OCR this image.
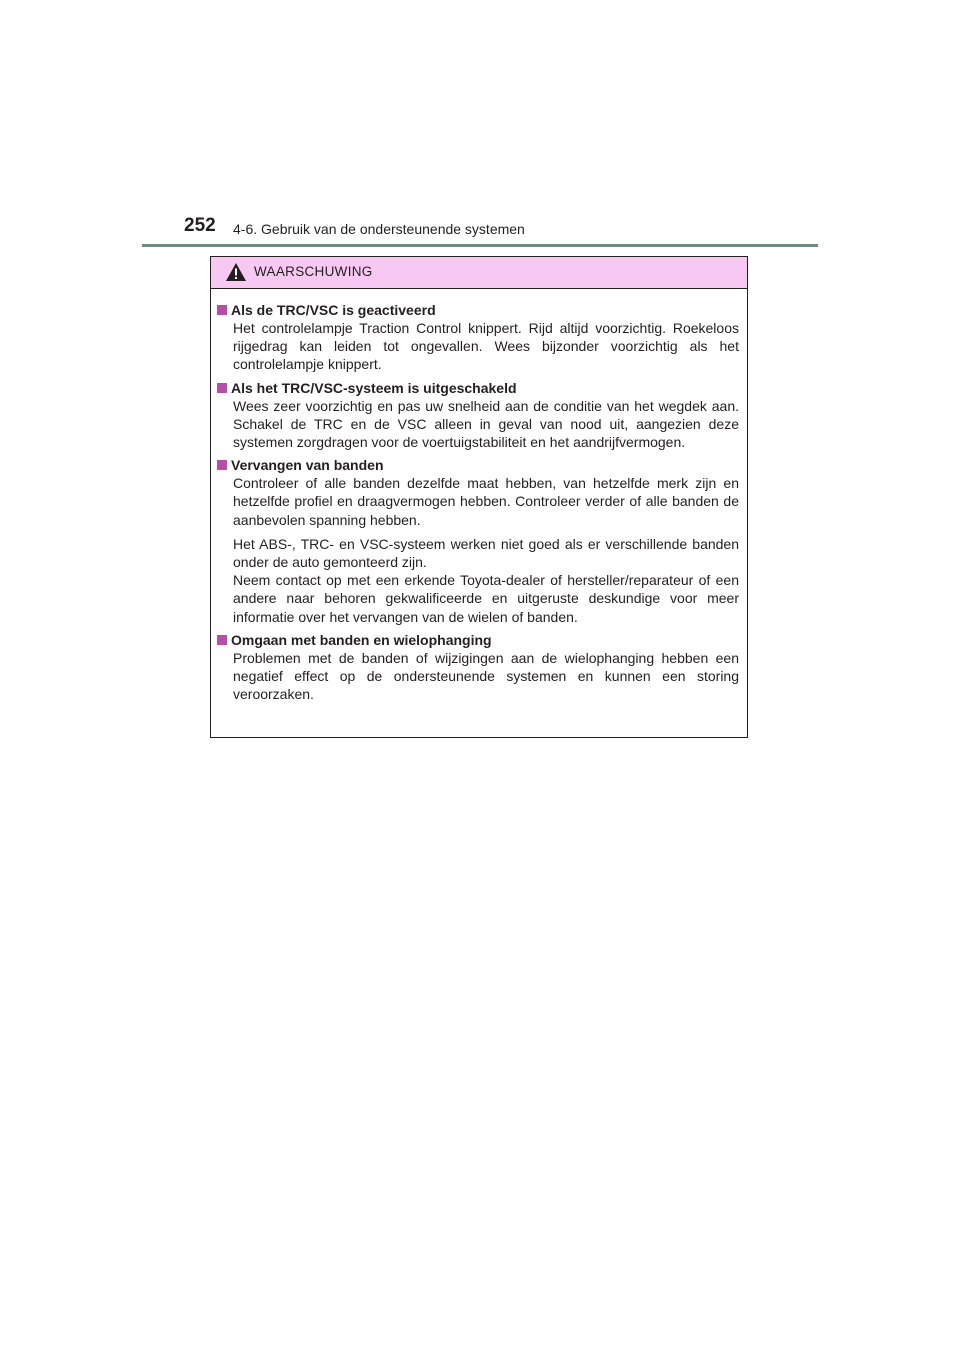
252 4-6. Gebruik van de ondersteunende systemen
WAARSCHUWING
Als de TRC/VSC is geactiveerd

Het controlelampje Traction Control knippert. Rijd altijd voorzichtig. Roekeloos rijgedrag kan leiden tot ongevallen. Wees bijzonder voorzichtig als het controlelampje knippert.

Als het TRC/VSC-systeem is uitgeschakeld

Wees zeer voorzichtig en pas uw snelheid aan de conditie van het wegdek aan. Schakel de TRC en de VSC alleen in geval van nood uit, aangezien deze systemen zorgdragen voor de voertuigstabiliteit en het aandrijfvermogen.

Vervangen van banden

Controleer of alle banden dezelfde maat hebben, van hetzelfde merk zijn en hetzelfde profiel en draagvermogen hebben. Controleer verder of alle banden de aanbevolen spanning hebben.

Het ABS-, TRC- en VSC-systeem werken niet goed als er verschillende banden onder de auto gemonteerd zijn.

Neem contact op met een erkende Toyota-dealer of hersteller/reparateur of een andere naar behoren gekwalificeerde en uitgeruste deskundige voor meer informatie over het vervangen van de wielen of banden.

Omgaan met banden en wielophanging

Problemen met de banden of wijzigingen aan de wielophanging hebben een negatief effect op de ondersteunende systemen en kunnen een storing veroorzaken.
